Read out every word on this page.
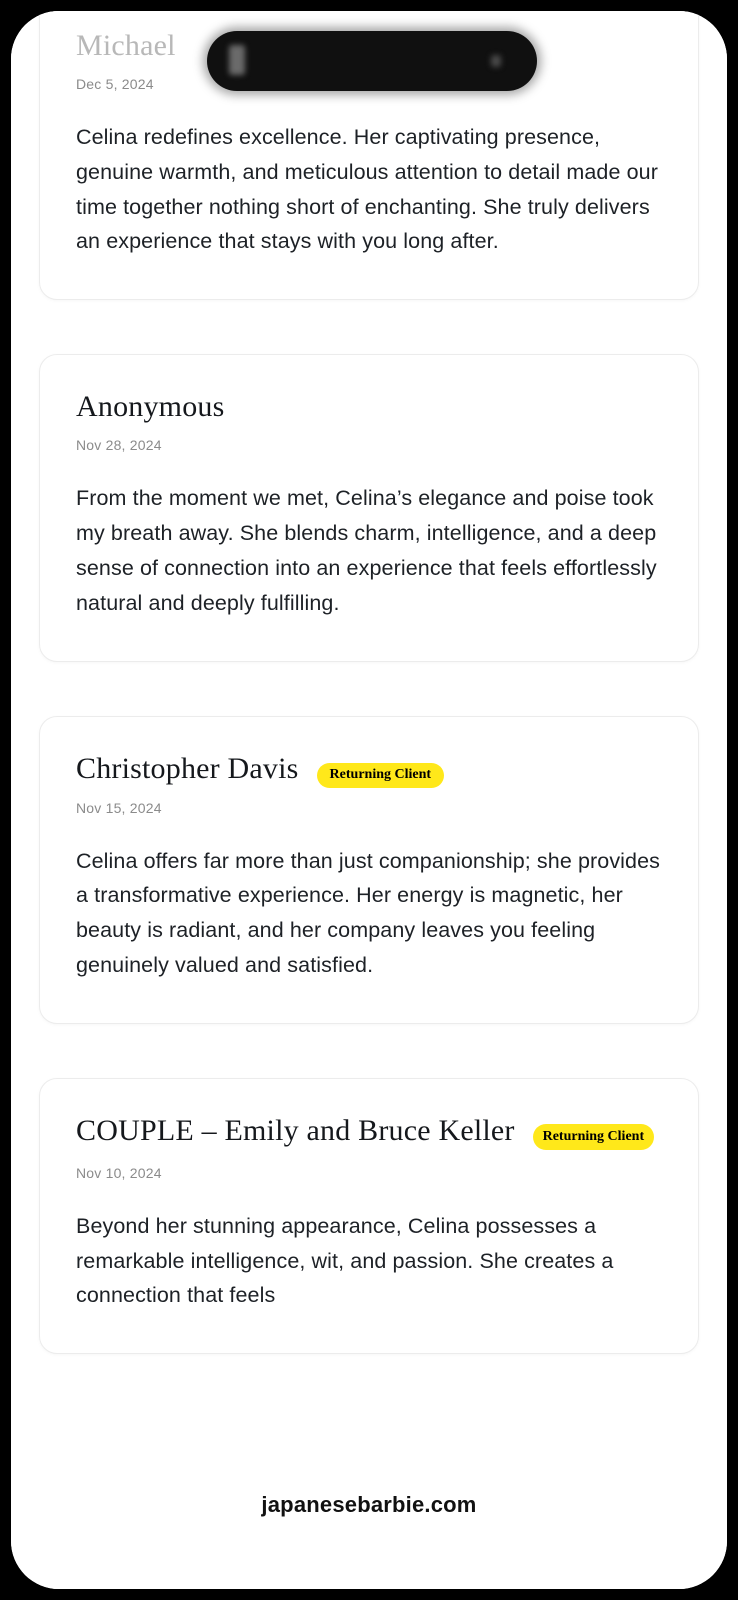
Michael
Dec 5, 2024
Celina redefines excellence. Her captivating presence, genuine warmth, and meticulous attention to detail made our time together nothing short of enchanting. She truly delivers an experience that stays with you long after.
Anonymous
Nov 28, 2024
From the moment we met, Celina’s elegance and poise took my breath away. She blends charm, intelligence, and a deep sense of connection into an experience that feels effortlessly natural and deeply fulfilling.
Christopher Davis	Returning Client
Nov 15, 2024
Celina offers far more than just companionship; she provides a transformative experience. Her energy is magnetic, her beauty is radiant, and her company leaves you feeling genuinely valued and satisfied.
COUPLE – Emily and Bruce Keller	Returning Client
Nov 10, 2024
Beyond her stunning appearance, Celina possesses a remarkable intelligence, wit, and passion. She creates a connection that feels
japanesebarbie.com
